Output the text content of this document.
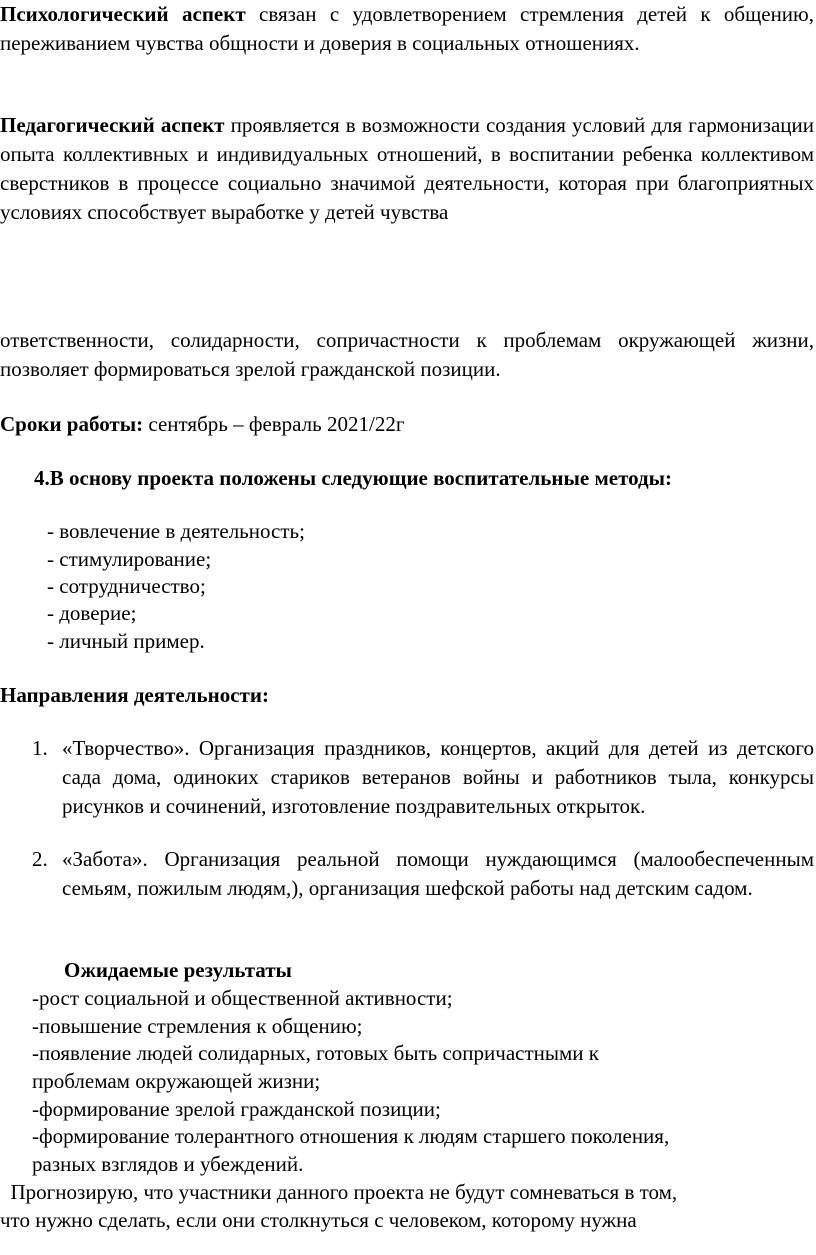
Психологический аспект связан с удовлетворением стремления детей к общению, переживанием чувства общности и доверия в социальных отношениях.

Педагогический аспект проявляется в возможности создания условий для гармонизации опыта коллективных и индивидуальных отношений, в воспитании ребенка коллективом сверстников в процессе социально значимой деятельности, которая при благоприятных условиях способствует выработке у детей чувства

ответственности, солидарности, сопричастности к проблемам окружающей жизни, позволяет формироваться зрелой гражданской позиции.

Сроки работы: сентябрь – февраль 2021/22г

4.В основу проекта положены следующие воспитательные методы:

- вовлечение в деятельность;

- стимулирование;

- сотрудничество;

- доверие;

- личный пример.

Направления деятельности:

1. «Творчество». Организация праздников, концертов, акций для детей из детского сада дома, одиноких стариков ветеранов войны и работников тыла, конкурсы рисунков и сочинений, изготовление поздравительных открыток.
2. «Забота». Организация реальной помощи нуждающимся (малообеспеченным семьям, пожилым людям,), организация шефской работы над детским садом.

Ожидаемые результаты

-рост социальной и общественной активности;

-повышение стремления к общению;

-появление людей солидарных, готовых быть сопричастными к

проблемам окружающей жизни;

-формирование зрелой гражданской позиции;

-формирование толерантного отношения к людям старшего поколения,

разных взглядов и убеждений.

Прогнозирую, что участники данного проекта не будут сомневаться в том,

что нужно сделать, если они столкнуться с человеком, которому нужна
